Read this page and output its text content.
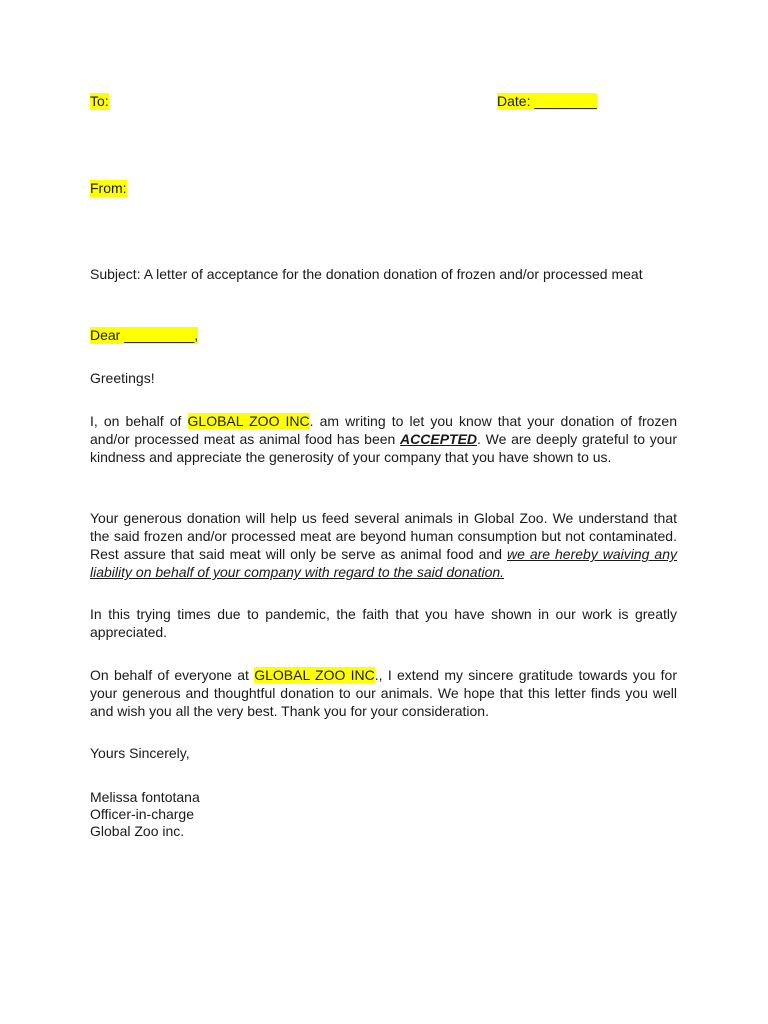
To:	Date: ________
From:

Subject: A letter of acceptance for the donation donation of frozen and/or processed meat

Dear _________,
Greetings!

I, on behalf of GLOBAL ZOO INC. am writing to let you know that your donation of frozen and/or processed meat as animal food has been ACCEPTED. We are deeply grateful to your kindness and appreciate the generosity of your company that you have shown to us.

Your generous donation will help us feed several animals in Global Zoo. We understand that the said frozen and/or processed meat are beyond human consumption but not contaminated. Rest assure that said meat will only be serve as animal food and we are hereby waiving any liability on behalf of your company with regard to the said donation.

In this trying times due to pandemic, the faith that you have shown in our work is greatly appreciated.

On behalf of everyone at GLOBAL ZOO INC., I extend my sincere gratitude towards you for your generous and thoughtful donation to our animals. We hope that this letter finds you well and wish you all the very best. Thank you for your consideration.

Yours Sincerely,
Melissa fontotana
Officer-in-charge
Global Zoo inc.
